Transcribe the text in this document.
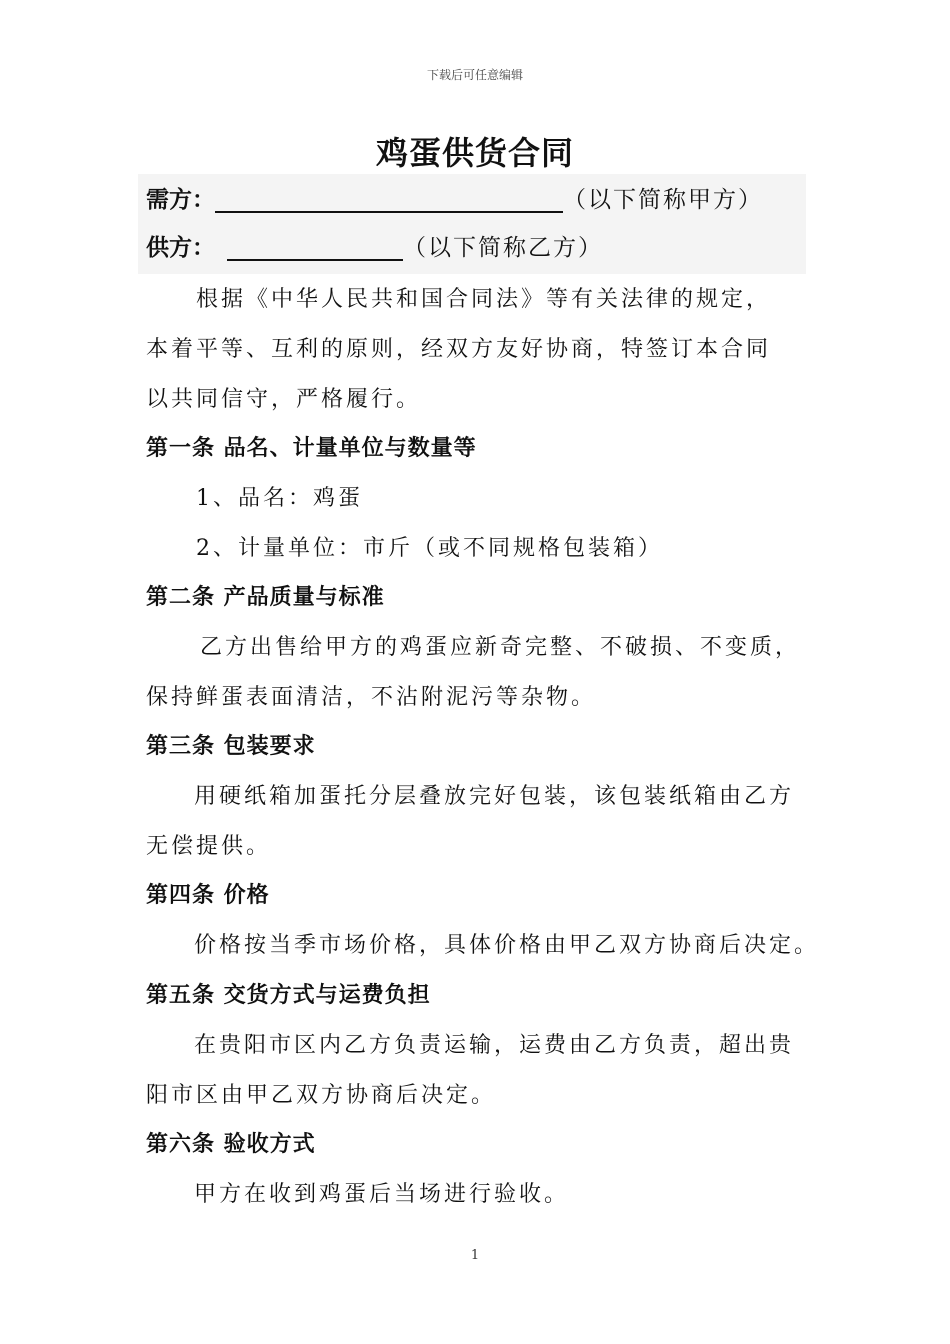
下载后可任意编辑
鸡蛋供货合同
需方：	（以下简称甲方）
供方：	（以下简称乙方）
根据《中华人民共和国合同法》等有关法律的规定，
本着平等、互利的原则，经双方友好协商，特签订本合同
以共同信守，严格履行。
第一条 品名、计量单位与数量等
1、品名：鸡蛋
2、计量单位：市斤（或不同规格包装箱）
第二条 产品质量与标准
乙方出售给甲方的鸡蛋应新奇完整、不破损、不变质，
保持鲜蛋表面清洁，不沾附泥污等杂物。
第三条 包装要求
用硬纸箱加蛋托分层叠放完好包装，该包装纸箱由乙方
无偿提供。
第四条 价格
价格按当季市场价格，具体价格由甲乙双方协商后决定。
第五条 交货方式与运费负担
在贵阳市区内乙方负责运输，运费由乙方负责，超出贵
阳市区由甲乙双方协商后决定。
第六条 验收方式
甲方在收到鸡蛋后当场进行验收。
1
